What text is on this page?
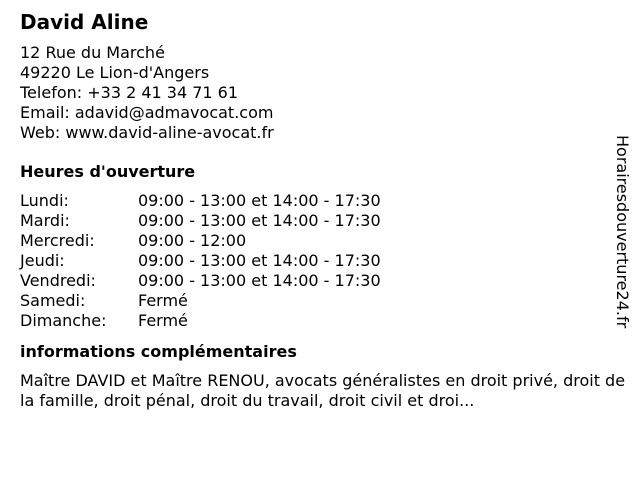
David Aline
12 Rue du Marché
49220 Le Lion-d'Angers
Telefon: +33 2 41 34 71 61
Email: adavid@admavocat.com
Web: www.david-aline-avocat.fr
Heures d'ouverture
Lundi:	09:00 - 13:00 et 14:00 - 17:30
Mardi:	09:00 - 13:00 et 14:00 - 17:30
Mercredi:	09:00 - 12:00
Jeudi:	09:00 - 13:00 et 14:00 - 17:30
Vendredi:	09:00 - 13:00 et 14:00 - 17:30
Samedi:	Fermé
Dimanche:	Fermé
informations complémentaires
Maître DAVID et Maître RENOU, avocats généralistes en droit privé, droit de la famille, droit pénal, droit du travail, droit civil et droi...
Horairesdouverture24.fr
